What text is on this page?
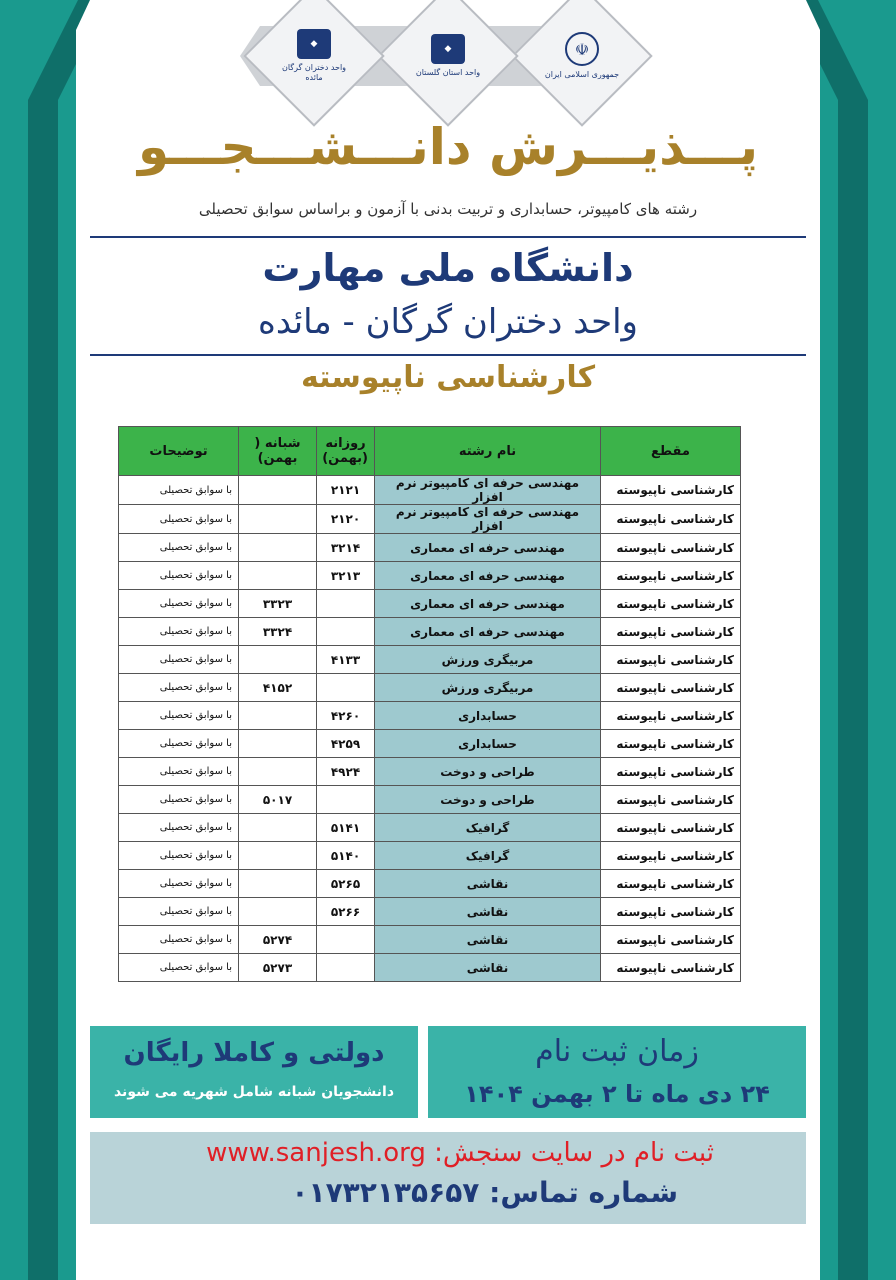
☫
جمهوری اسلامی ایران
◆
واحد استان گلستان
◆
واحد دختران گرگان مائده
پـــذیـــرش دانـــشـــجـــو
رشته های کامپیوتر، حسابداری و تربیت بدنی با آزمون و براساس سوابق تحصیلی
دانشگاه ملی مهارت
واحد دختران گرگان - مائده
کارشناسی ناپیوسته
مقطع	نام رشته	روزانه (بهمن)	شبانه ( بهمن)	توضیحات
کارشناسی ناپیوسته	مهندسی حرفه ای کامپیوتر نرم افزار	۲۱۲۱		با سوابق تحصیلی
کارشناسی ناپیوسته	مهندسی حرفه ای کامپیوتر نرم افزار	۲۱۲۰		با سوابق تحصیلی
کارشناسی ناپیوسته	مهندسی حرفه ای معماری	۳۲۱۴		با سوابق تحصیلی
کارشناسی ناپیوسته	مهندسی حرفه ای معماری	۳۲۱۳		با سوابق تحصیلی
کارشناسی ناپیوسته	مهندسی حرفه ای معماری		۳۳۲۳	با سوابق تحصیلی
کارشناسی ناپیوسته	مهندسی حرفه ای معماری		۳۳۲۴	با سوابق تحصیلی
کارشناسی ناپیوسته	مربیگری ورزش	۴۱۳۳		با سوابق تحصیلی
کارشناسی ناپیوسته	مربیگری ورزش		۴۱۵۲	با سوابق تحصیلی
کارشناسی ناپیوسته	حسابداری	۴۲۶۰		با سوابق تحصیلی
کارشناسی ناپیوسته	حسابداری	۴۲۵۹		با سوابق تحصیلی
کارشناسی ناپیوسته	طراحی و دوخت	۴۹۲۴		با سوابق تحصیلی
کارشناسی ناپیوسته	طراحی و دوخت		۵۰۱۷	با سوابق تحصیلی
کارشناسی ناپیوسته	گرافیک	۵۱۴۱		با سوابق تحصیلی
کارشناسی ناپیوسته	گرافیک	۵۱۴۰		با سوابق تحصیلی
کارشناسی ناپیوسته	نقاشی	۵۲۶۵		با سوابق تحصیلی
کارشناسی ناپیوسته	نقاشی	۵۲۶۶		با سوابق تحصیلی
کارشناسی ناپیوسته	نقاشی		۵۲۷۴	با سوابق تحصیلی
کارشناسی ناپیوسته	نقاشی		۵۲۷۳	با سوابق تحصیلی
زمان ثبت نام
۲۴ دی ماه تا ۲ بهمن ۱۴۰۴
دولتی و کاملا رایگان
دانشجویان شبانه شامل شهریه می شوند
ثبت نام در سایت سنجش: www.sanjesh.org
شماره تماس: ۰۱۷۳۲۱۳۵۶۵۷
